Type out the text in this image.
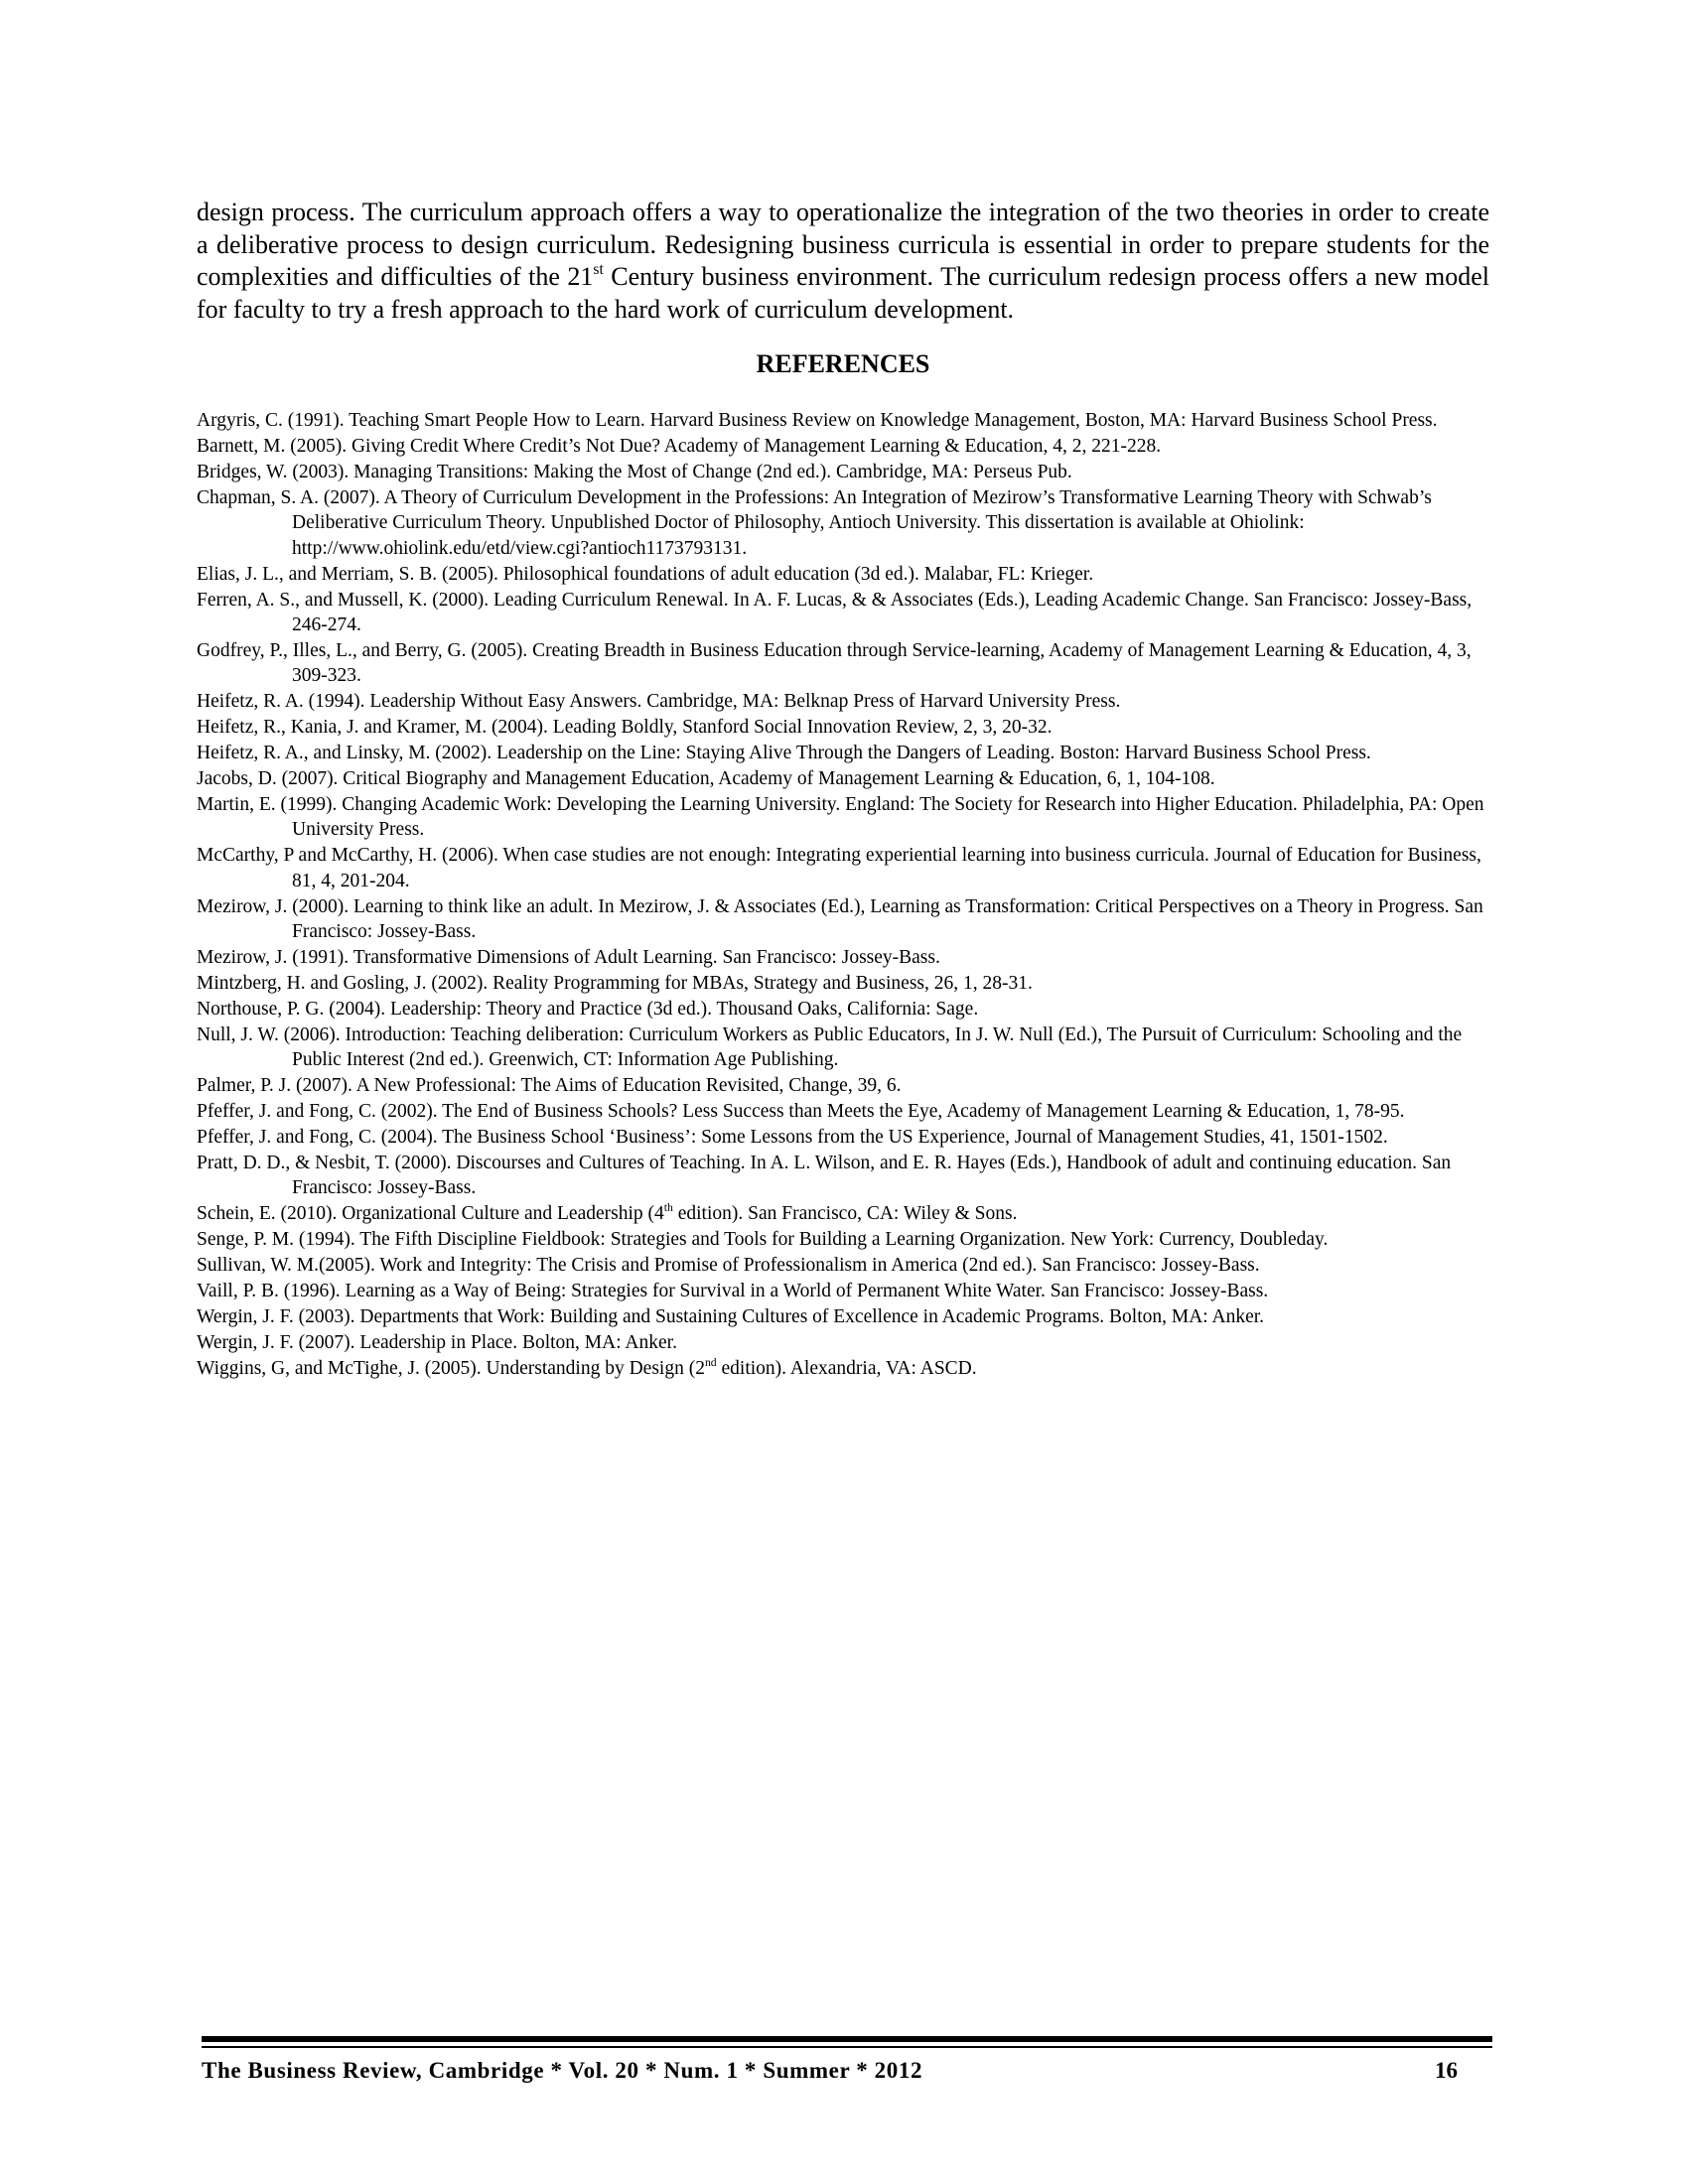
design process. The curriculum approach offers a way to operationalize the integration of the two theories in order to create a deliberative process to design curriculum. Redesigning business curricula is essential in order to prepare students for the complexities and difficulties of the 21st Century business environment. The curriculum redesign process offers a new model for faculty to try a fresh approach to the hard work of curriculum development.

REFERENCES
Argyris, C. (1991). Teaching Smart People How to Learn. Harvard Business Review on Knowledge Management, Boston, MA: Harvard Business School Press.
Barnett, M. (2005). Giving Credit Where Credit’s Not Due? Academy of Management Learning & Education, 4, 2, 221-228.
Bridges, W. (2003). Managing Transitions: Making the Most of Change (2nd ed.). Cambridge, MA: Perseus Pub.
Chapman, S. A. (2007). A Theory of Curriculum Development in the Professions: An Integration of Mezirow’s Transformative Learning Theory with Schwab’s Deliberative Curriculum Theory. Unpublished Doctor of Philosophy, Antioch University. This dissertation is available at Ohiolink: http://www.ohiolink.edu/etd/view.cgi?antioch1173793131.
Elias, J. L., and Merriam, S. B. (2005). Philosophical foundations of adult education (3d ed.). Malabar, FL: Krieger.
Ferren, A. S., and Mussell, K. (2000). Leading Curriculum Renewal. In A. F. Lucas, & & Associates (Eds.), Leading Academic Change. San Francisco: Jossey-Bass, 246-274.
Godfrey, P., Illes, L., and Berry, G. (2005). Creating Breadth in Business Education through Service-learning, Academy of Management Learning & Education, 4, 3, 309-323.
Heifetz, R. A. (1994). Leadership Without Easy Answers. Cambridge, MA: Belknap Press of Harvard University Press.
Heifetz, R., Kania, J. and Kramer, M. (2004). Leading Boldly, Stanford Social Innovation Review, 2, 3, 20-32.
Heifetz, R. A., and Linsky, M. (2002). Leadership on the Line: Staying Alive Through the Dangers of Leading. Boston: Harvard Business School Press.
Jacobs, D. (2007). Critical Biography and Management Education, Academy of Management Learning & Education, 6, 1, 104-108.
Martin, E. (1999). Changing Academic Work: Developing the Learning University. England: The Society for Research into Higher Education. Philadelphia, PA: Open University Press.
McCarthy, P and McCarthy, H. (2006). When case studies are not enough: Integrating experiential learning into business curricula. Journal of Education for Business, 81, 4, 201-204.
Mezirow, J. (2000). Learning to think like an adult. In Mezirow, J. & Associates (Ed.), Learning as Transformation: Critical Perspectives on a Theory in Progress. San Francisco: Jossey-Bass.
Mezirow, J. (1991). Transformative Dimensions of Adult Learning. San Francisco: Jossey-Bass.
Mintzberg, H. and Gosling, J. (2002). Reality Programming for MBAs, Strategy and Business, 26, 1, 28-31.
Northouse, P. G. (2004). Leadership: Theory and Practice (3d ed.). Thousand Oaks, California: Sage.
Null, J. W. (2006). Introduction: Teaching deliberation: Curriculum Workers as Public Educators, In J. W. Null (Ed.), The Pursuit of Curriculum: Schooling and the Public Interest (2nd ed.). Greenwich, CT: Information Age Publishing.
Palmer, P. J. (2007). A New Professional: The Aims of Education Revisited, Change, 39, 6.
Pfeffer, J. and Fong, C. (2002). The End of Business Schools? Less Success than Meets the Eye, Academy of Management Learning & Education, 1, 78-95.
Pfeffer, J. and Fong, C. (2004). The Business School ‘Business’: Some Lessons from the US Experience, Journal of Management Studies, 41, 1501-1502.
Pratt, D. D., & Nesbit, T. (2000). Discourses and Cultures of Teaching. In A. L. Wilson, and E. R. Hayes (Eds.), Handbook of adult and continuing education. San Francisco: Jossey-Bass.
Schein, E. (2010). Organizational Culture and Leadership (4th edition). San Francisco, CA: Wiley & Sons.
Senge, P. M. (1994). The Fifth Discipline Fieldbook: Strategies and Tools for Building a Learning Organization. New York: Currency, Doubleday.
Sullivan, W. M.(2005). Work and Integrity: The Crisis and Promise of Professionalism in America (2nd ed.). San Francisco: Jossey-Bass.
Vaill, P. B. (1996). Learning as a Way of Being: Strategies for Survival in a World of Permanent White Water. San Francisco: Jossey-Bass.
Wergin, J. F. (2003). Departments that Work: Building and Sustaining Cultures of Excellence in Academic Programs. Bolton, MA: Anker.
Wergin, J. F. (2007). Leadership in Place. Bolton, MA: Anker.
Wiggins, G, and McTighe, J. (2005). Understanding by Design (2nd edition). Alexandria, VA: ASCD.
The Business Review, Cambridge * Vol. 20 * Num. 1 * Summer * 2012	16
